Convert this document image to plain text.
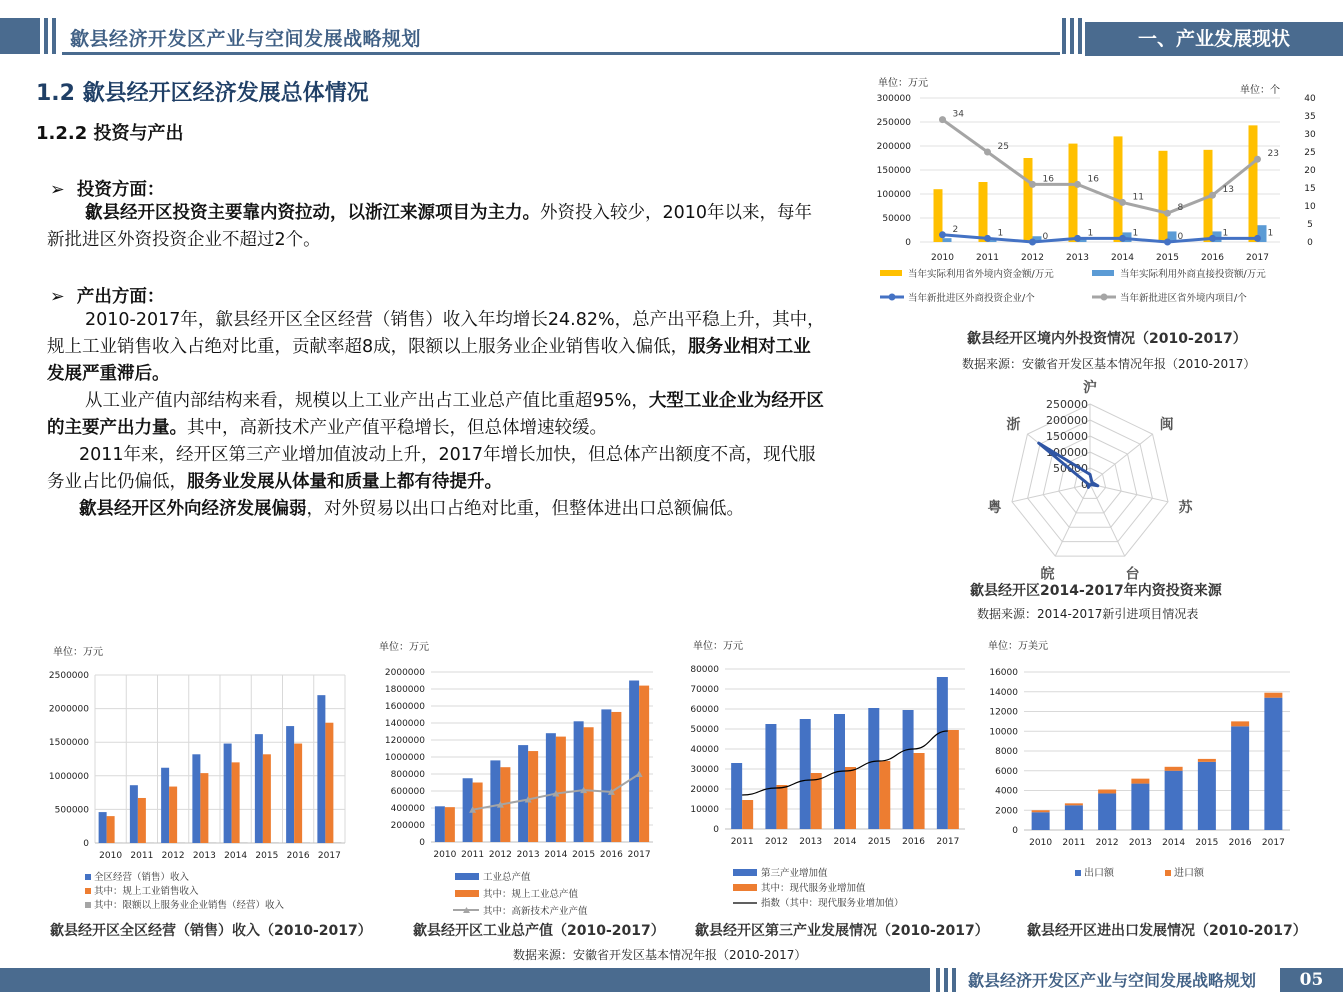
歙县经济开发区产业与空间发展战略规划	一、产业发展现状
1.2 歙县经开区经济发展总体情况
1.2.2 投资与产出
➢  投资方面：
歙县经开区投资主要靠内资拉动，以浙江来源项目为主力。外资投入较少，2010年以来，每年新批进区外资投资企业不超过2个。
➢  产出方面：
2010-2017年，歙县经开区全区经营（销售）收入年均增长24.82%，总产出平稳上升，其中，规上工业销售收入占绝对比重，贡献率超8成，限额以上服务业企业销售收入偏低，服务业相对工业发展严重滞后。
从工业产值内部结构来看，规模以上工业产出占工业总产值比重超95%，大型工业企业为经开区的主要产出力量。其中，高新技术产业产值平稳增长，但总体增速较缓。
2011年来，经开区第三产业增加值波动上升，2017年增长加快，但总体产出额度不高，现代服务业占比仍偏低，服务业发展从体量和质量上都有待提升。
歙县经开区外向经济发展偏弱，对外贸易以出口占绝对比重，但整体进出口总额偏低。
单位：万元
单位：个
300000
250000
200000
150000
100000
50000
0
40
35
30
25
20
15
10
5
0
2010 2011 2012 2013 2014 2015 2016 2017
2	1	0	1	1	0	1	1
34
25
16	16
11
8
13
23
当年实际利用省外境内资金额/万元	当年实际利用外商直接投资额/万元
当年新批进区外商投资企业/个	当年新批进区省外境内项目/个
歙县经开区境内外投资情况（2010-2017）
数据来源：安徽省开发区基本情况年报（2010-2017）
沪
闽
苏
台
皖
粤
浙
250000
200000
150000
100000
50000
0
歙县经开区2014-2017年内资投资来源
数据来源：2014-2017新引进项目情况表
单位：万元
2500000
2000000
1500000
1000000
500000
0
2010 2011 2012 2013 2014 2015 2016 2017
全区经营（销售）收入
其中：规上工业销售收入
其中：限额以上服务业企业销售（经营）收入
歙县经开区全区经营（销售）收入（2010-2017）
单位：万元
2000000
1800000
1600000
1400000
1200000
1000000
800000
600000
400000
200000
0
2010 2011 2012 2013 2014 2015 2016 2017
工业总产值
其中：规上工业总产值
其中：高新技术产业产值
歙县经开区工业总产值（2010-2017）
单位：万元
80000
70000
60000
50000
40000
30000
20000
10000
0
2011 2012 2013 2014 2015 2016 2017
第三产业增加值
其中：现代服务业增加值
指数（其中：现代服务业增加值）
歙县经开区第三产业发展情况（2010-2017）
单位：万美元
16000
14000
12000
10000
8000
6000
4000
2000
0
2010 2011 2012 2013 2014 2015 2016 2017
出口额	进口额
歙县经开区进出口发展情况（2010-2017）
数据来源：安徽省开发区基本情况年报（2010-2017）
歙县经济开发区产业与空间发展战略规划	05
